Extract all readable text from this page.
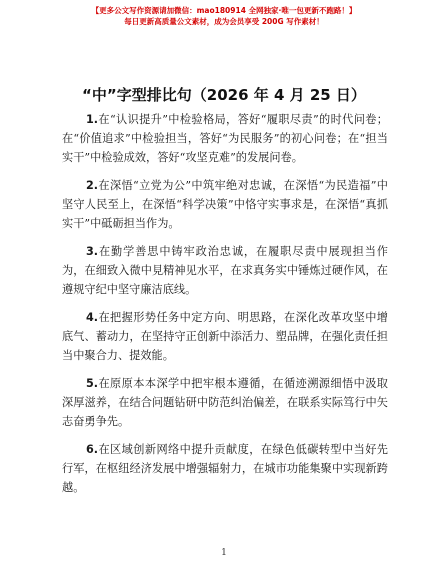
【更多公文写作资源请加微信：mao180914 全网独家·唯一包更新不跑路！】
每日更新高质量公文素材，成为会员享受 200G 写作素材！
“中”字型排比句（2026 年 4 月 25 日）

1.在“认识提升”中检验格局，答好“履职尽责”的时代问卷；在“价值追求”中检验担当，答好“为民服务”的初心问卷；在“担当实干”中检验成效，答好“攻坚克难”的发展问卷。

2.在深悟“立党为公”中筑牢绝对忠诚，在深悟“为民造福”中坚守人民至上，在深悟“科学决策”中恪守实事求是，在深悟“真抓实干”中砥砺担当作为。

3.在勤学善思中铸牢政治忠诚，在履职尽责中展现担当作为，在细致入微中見精神见水平，在求真务实中锤炼过硬作风，在遵规守纪中坚守廉洁底线。

4.在把握形势任务中定方向、明思路，在深化改革攻坚中增底气、蓄动力，在坚持守正创新中添活力、塑品牌，在强化责任担当中聚合力、提效能。

5.在原原本本深学中把牢根本遵循，在循迹溯源细悟中汲取深厚滋养，在结合问题钻研中防范纠治偏差，在联系实际笃行中矢志奋勇争先。

6.在区域创新网络中提升贡献度，在绿色低碳转型中当好先行军，在枢纽经济发展中增强辐射力，在城市功能集聚中实现新跨越。

1
